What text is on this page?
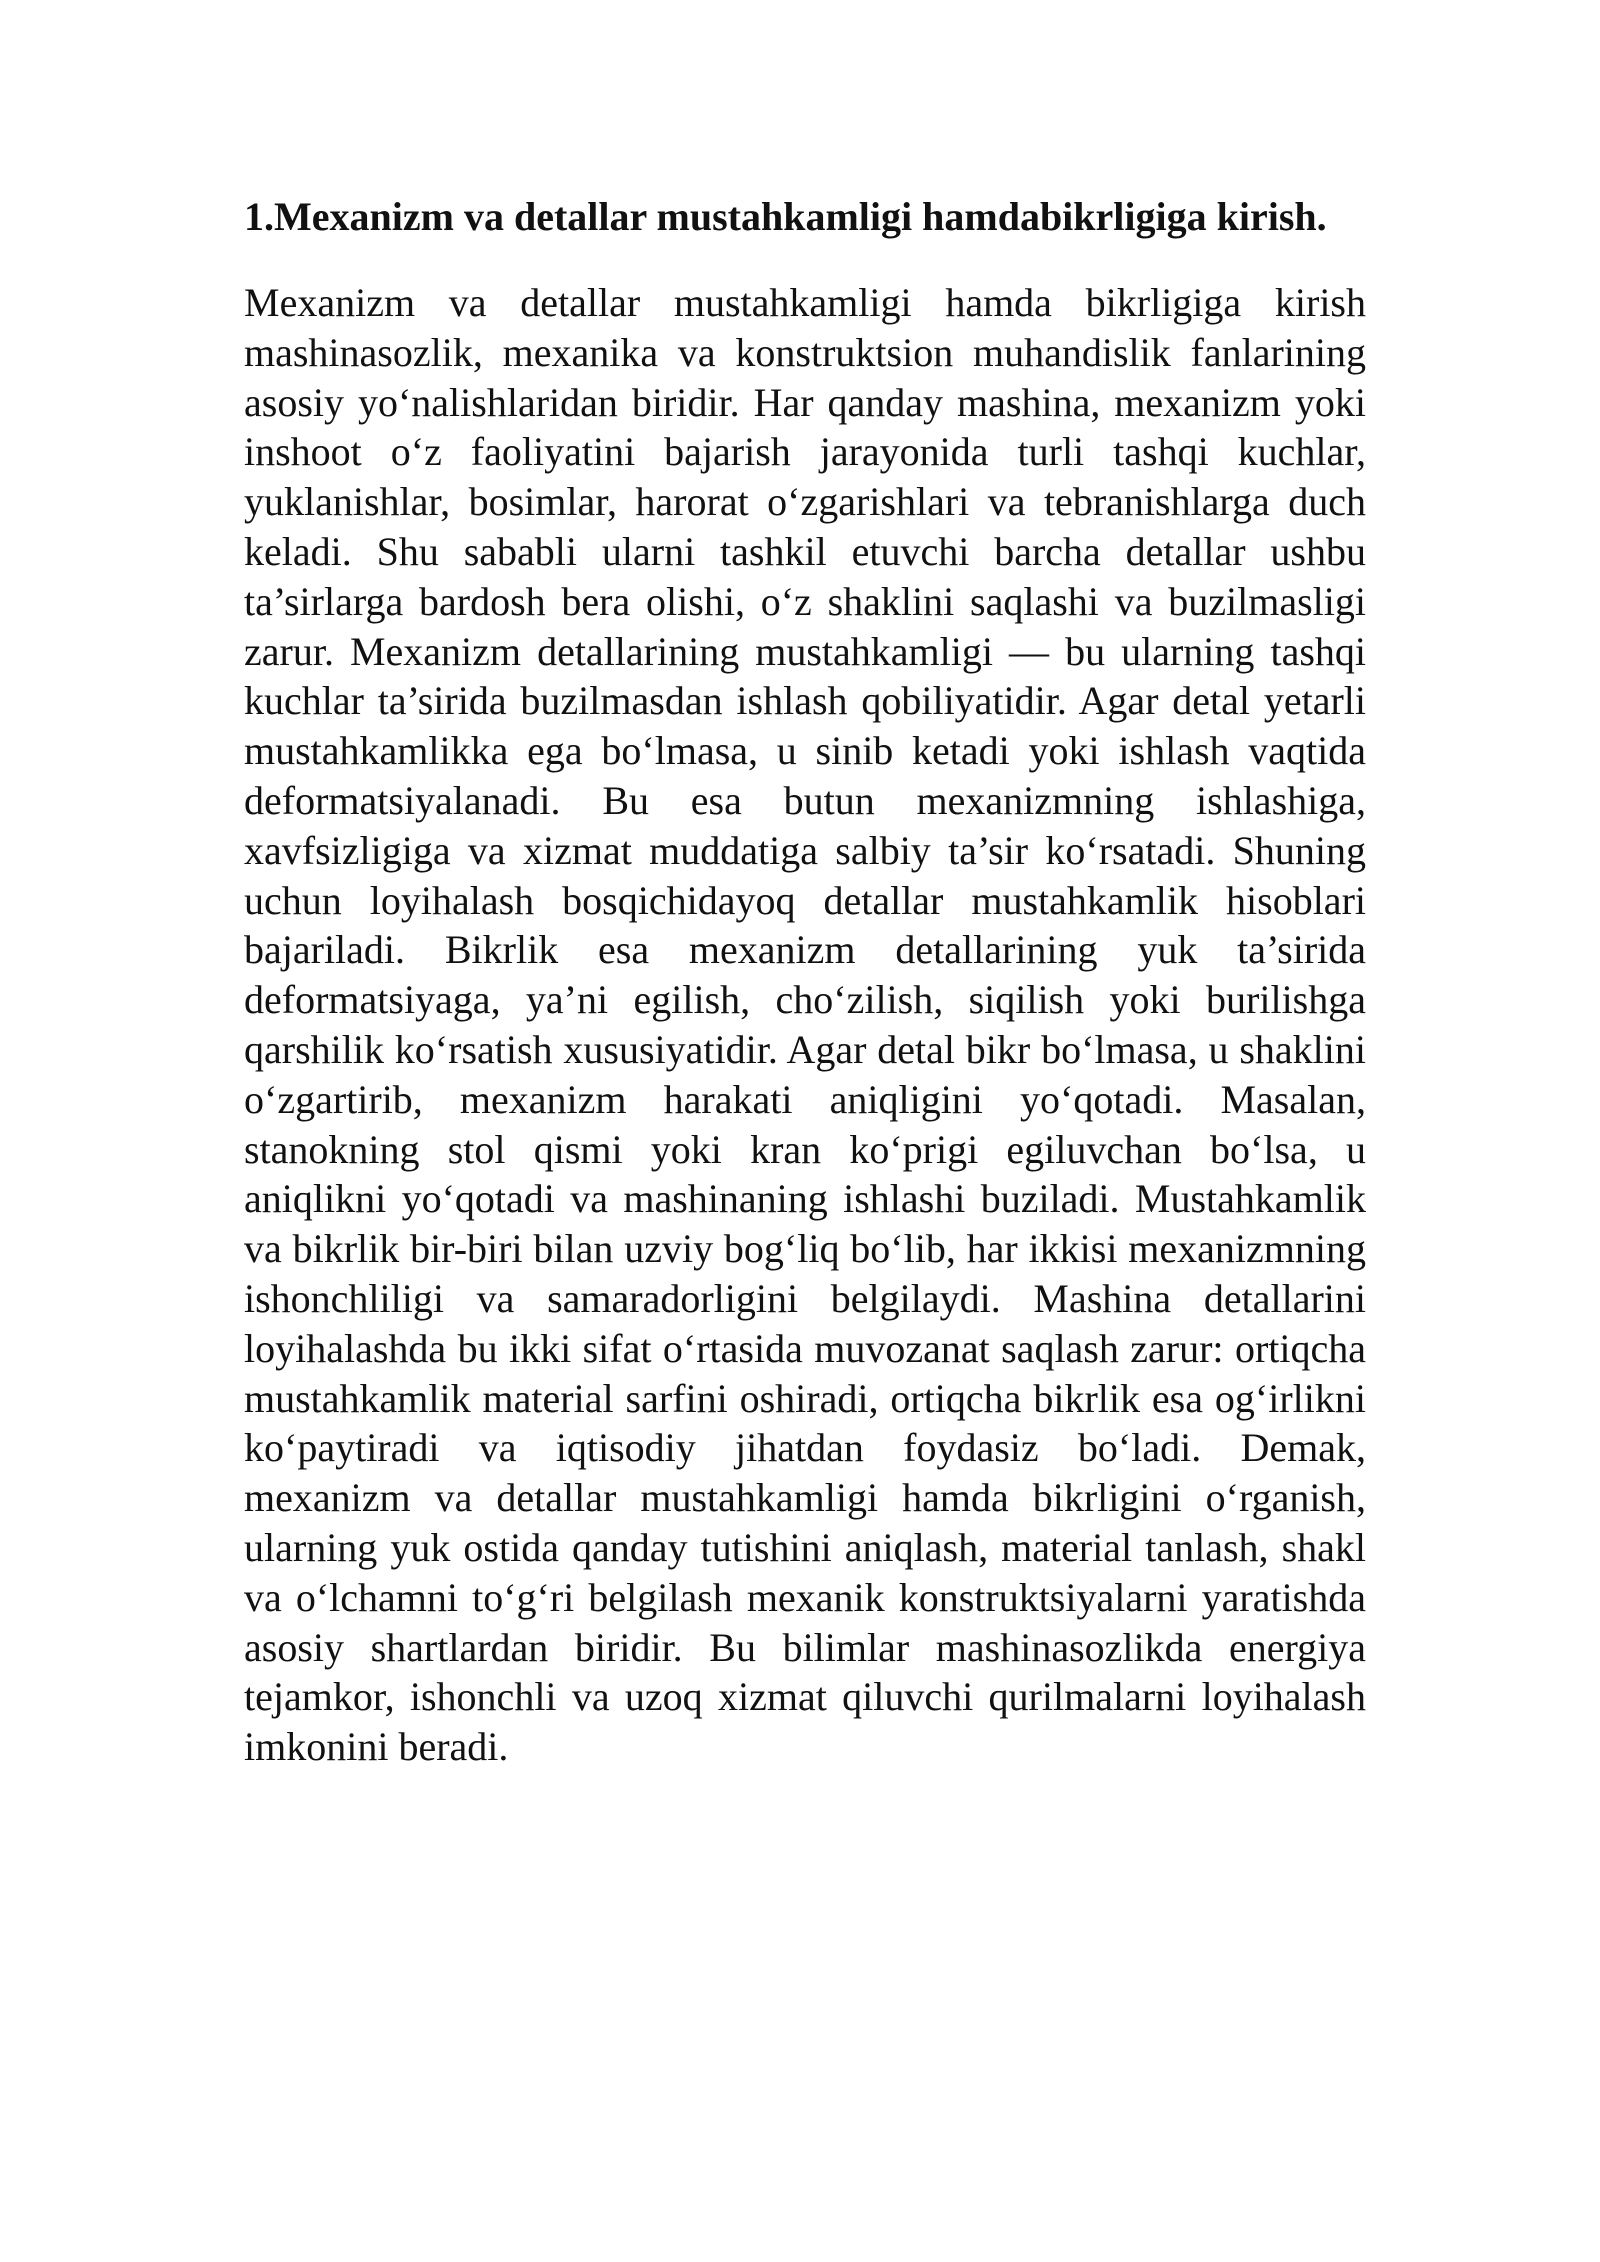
1.Mexanizm va detallar mustahkamligi hamdabikrligiga kirish.

Mexanizm va detallar mustahkamligi hamda bikrligiga kirish mashinasozlik, mexanika va konstruktsion muhandislik fanlarining asosiy yo‘nalishlaridan biridir. Har qanday mashina, mexanizm yoki inshoot o‘z faoliyatini bajarish jarayonida turli tashqi kuchlar, yuklanishlar, bosimlar, harorat o‘zgarishlari va tebranishlarga duch keladi. Shu sababli ularni tashkil etuvchi barcha detallar ushbu ta’sirlarga bardosh bera olishi, o‘z shaklini saqlashi va buzilmasligi zarur. Mexanizm detallarining mustahkamligi — bu ularning tashqi kuchlar ta’sirida buzilmasdan ishlash qobiliyatidir. Agar detal yetarli mustahkamlikka ega bo‘lmasa, u sinib ketadi yoki ishlash vaqtida deformatsiyalanadi. Bu esa butun mexanizmning ishlashiga, xavfsizligiga va xizmat muddatiga salbiy ta’sir ko‘rsatadi. Shuning uchun loyihalash bosqichidayoq detallar mustahkamlik hisoblari bajariladi. Bikrlik esa mexanizm detallarining yuk ta’sirida deformatsiyaga, ya’ni egilish, cho‘zilish, siqilish yoki burilishga qarshilik ko‘rsatish xususiyatidir. Agar detal bikr bo‘lmasa, u shaklini o‘zgartirib, mexanizm harakati aniqligini yo‘qotadi. Masalan, stanokning stol qismi yoki kran ko‘prigi egiluvchan bo‘lsa, u aniqlikni yo‘qotadi va mashinaning ishlashi buziladi. Mustahkamlik va bikrlik bir-biri bilan uzviy bog‘liq bo‘lib, har ikkisi mexanizmning ishonchliligi va samaradorligini belgilaydi. Mashina detallarini loyihalashda bu ikki sifat o‘rtasida muvozanat saqlash zarur: ortiqcha mustahkamlik material sarfini oshiradi, ortiqcha bikrlik esa og‘irlikni ko‘paytiradi va iqtisodiy jihatdan foydasiz bo‘ladi. Demak, mexanizm va detallar mustahkamligi hamda bikrligini o‘rganish, ularning yuk ostida qanday tutishini aniqlash, material tanlash, shakl va o‘lchamni to‘g‘ri belgilash mexanik konstruktsiyalarni yaratishda asosiy shartlardan biridir. Bu bilimlar mashinasozlikda energiya tejamkor, ishonchli va uzoq xizmat qiluvchi qurilmalarni loyihalash imkonini beradi.
